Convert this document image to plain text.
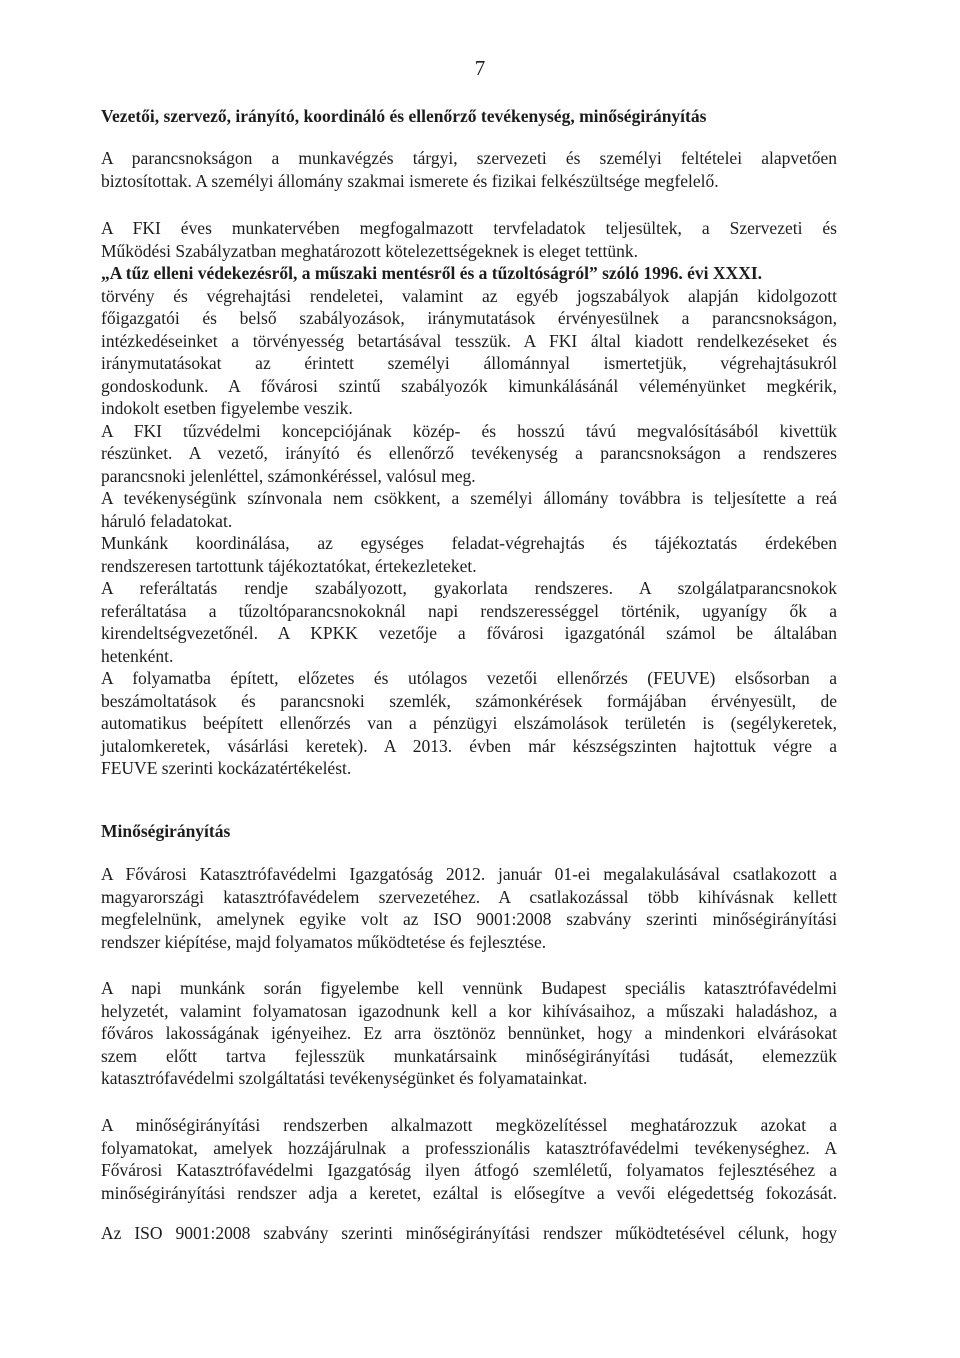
7
Vezetői, szervező, irányító, koordináló és ellenőrző tevékenység, minőségirányítás
A parancsnokságon a munkavégzés tárgyi, szervezeti és személyi feltételei alapvetően
biztosítottak. A személyi állomány szakmai ismerete és fizikai felkészültsége megfelelő.
A FKI éves munkatervében megfogalmazott tervfeladatok teljesültek, a Szervezeti és
Működési Szabályzatban meghatározott kötelezettségeknek is eleget tettünk.
„A tűz elleni védekezésről, a műszaki mentésről és a tűzoltóságról” szóló 1996. évi XXXI.
törvény és végrehajtási rendeletei, valamint az egyéb jogszabályok alapján kidolgozott
főigazgatói és belső szabályozások, iránymutatások érvényesülnek a parancsnokságon,
intézkedéseinket a törvényesség betartásával tesszük. A FKI által kiadott rendelkezéseket és
iránymutatásokat az érintett személyi állománnyal ismertetjük, végrehajtásukról
gondoskodunk. A fővárosi szintű szabályozók kimunkálásánál véleményünket megkérik,
indokolt esetben figyelembe veszik.
A FKI tűzvédelmi koncepciójának közép- és hosszú távú megvalósításából kivettük
részünket. A vezető, irányító és ellenőrző tevékenység a parancsnokságon a rendszeres
parancsnoki jelenléttel, számonkéréssel, valósul meg.
A tevékenységünk színvonala nem csökkent, a személyi állomány továbbra is teljesítette a reá
háruló feladatokat.
Munkánk koordinálása, az egységes feladat-végrehajtás és tájékoztatás érdekében
rendszeresen tartottunk tájékoztatókat, értekezleteket.
A referáltatás rendje szabályozott, gyakorlata rendszeres. A szolgálatparancsnokok
referáltatása a tűzoltóparancsnokoknál napi rendszerességgel történik, ugyanígy ők a
kirendeltségvezetőnél. A KPKK vezetője a fővárosi igazgatónál számol be általában
hetenként.
A folyamatba épített, előzetes és utólagos vezetői ellenőrzés (FEUVE) elsősorban a
beszámoltatások és parancsnoki szemlék, számonkérések formájában érvényesült, de
automatikus beépített ellenőrzés van a pénzügyi elszámolások területén is (segélykeretek,
jutalomkeretek, vásárlási keretek). A 2013. évben már készségszinten hajtottuk végre a
FEUVE szerinti kockázatértékelést.
Minőségirányítás
A Fővárosi Katasztrófavédelmi Igazgatóság 2012. január 01-ei megalakulásával csatlakozott a
magyarországi katasztrófavédelem szervezetéhez. A csatlakozással több kihívásnak kellett
megfelelnünk, amelynek egyike volt az ISO 9001:2008 szabvány szerinti minőségirányítási
rendszer kiépítése, majd folyamatos működtetése és fejlesztése.
A napi munkánk során figyelembe kell vennünk Budapest speciális katasztrófavédelmi
helyzetét, valamint folyamatosan igazodnunk kell a kor kihívásaihoz, a műszaki haladáshoz, a
főváros lakosságának igényeihez. Ez arra ösztönöz bennünket, hogy a mindenkori elvárásokat
szem előtt tartva fejlesszük munkatársaink minőségirányítási tudását, elemezzük
katasztrófavédelmi szolgáltatási tevékenységünket és folyamatainkat.
A minőségirányítási rendszerben alkalmazott megközelítéssel meghatározzuk azokat a
folyamatokat, amelyek hozzájárulnak a professzionális katasztrófavédelmi tevékenységhez. A
Fővárosi Katasztrófavédelmi Igazgatóság ilyen átfogó szemléletű, folyamatos fejlesztéséhez a
minőségirányítási rendszer adja a keretet, ezáltal is elősegítve a vevői elégedettség fokozását.
Az ISO 9001:2008 szabvány szerinti minőségirányítási rendszer működtetésével célunk, hogy
